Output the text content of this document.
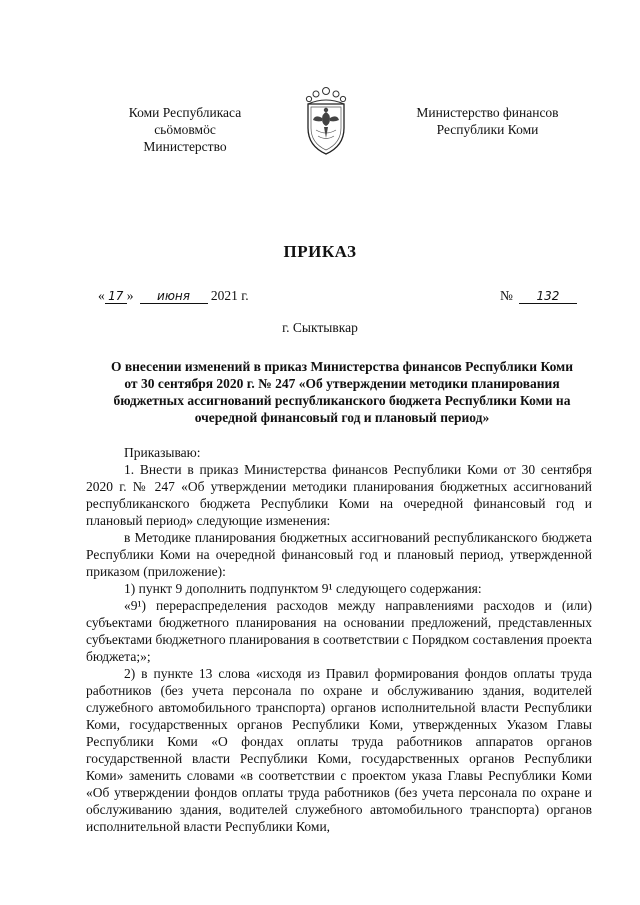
Коми Республикаса
сьӧмовмӧс
Министерство
Министерство финансов
Республики Коми
ПРИКАЗ
« 17 » июня 2021 г.	№ 132
г. Сыктывкар
О внесении изменений в приказ Министерства финансов Республики Коми
от 30 сентября 2020 г. № 247 «Об утверждении методики планирования
бюджетных ассигнований республиканского бюджета Республики Коми на
очередной финансовый год и плановый период»

Приказываю:

1. Внести в приказ Министерства финансов Республики Коми от 30 сентября 2020 г. № 247 «Об утверждении методики планирования бюджетных ассигнований республиканского бюджета Республики Коми на очередной финансовый год и плановый период» следующие изменения:

в Методике планирования бюджетных ассигнований республиканского бюджета Республики Коми на очередной финансовый год и плановый период, утвержденной приказом (приложение):

1) пункт 9 дополнить подпунктом 9¹ следующего содержания:

«9¹) перераспределения расходов между направлениями расходов и (или) субъектами бюджетного планирования на основании предложений, представленных субъектами бюджетного планирования в соответствии с Порядком составления проекта бюджета;»;

2) в пункте 13 слова «исходя из Правил формирования фондов оплаты труда работников (без учета персонала по охране и обслуживанию здания, водителей служебного автомобильного транспорта) органов исполнительной власти Республики Коми, государственных органов Республики Коми, утвержденных Указом Главы Республики Коми «О фондах оплаты труда работников аппаратов органов государственной власти Республики Коми, государственных органов Республики Коми» заменить словами «в соответствии с проектом указа Главы Республики Коми «Об утверждении фондов оплаты труда работников (без учета персонала по охране и обслуживанию здания, водителей служебного автомобильного транспорта) органов исполнительной власти Республики Коми,
